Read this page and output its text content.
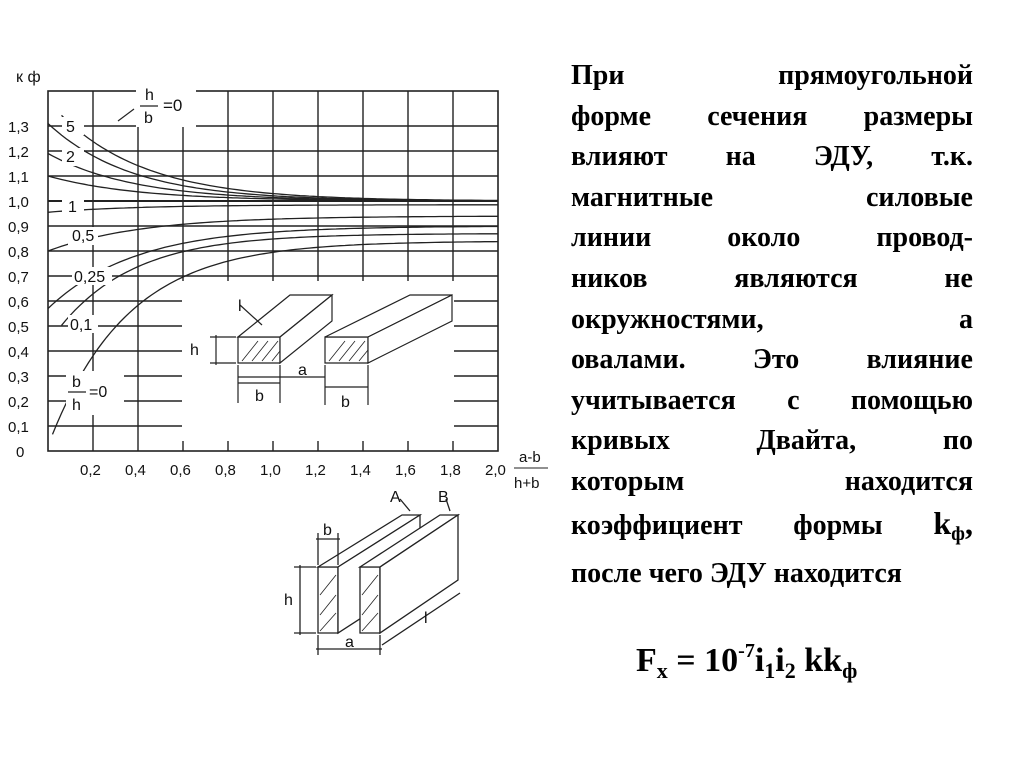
0
0,1
0,2
0,3
0,4
0,5
0,6
0,7
0,8
0,9
1,0
1,1
1,2
1,3
0,2 0,4 0,6 0,8 1,0 1,2 1,4 1,6 1,8 2,0
к ф
a-b
h+b
h
b
=0
b
h
=0
5
2
1
0,5
0,25
0,1
l
h
a
b	b
A B
b
h
l
a
При прямоугольной
форме сечения размеры
влияют на ЭДУ, т.к.
магнитные силовые
линии около провод-
ников являются не
окружностями, а
овалами. Это влияние
учитывается с помощью
кривых Двайта, по
которым находится
коэффициент формы $k_ф$,
после чего ЭДУ находится
$F_x = 10^{-7}i_1i_2$ $kk_ф$
